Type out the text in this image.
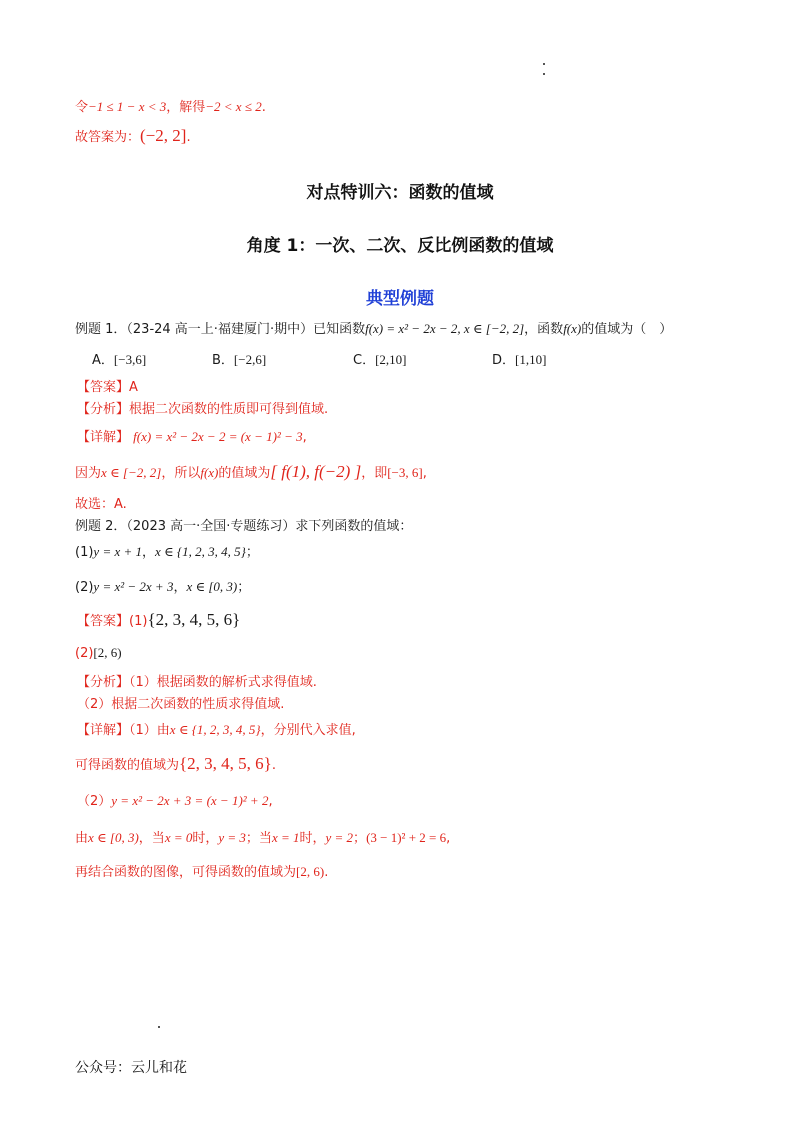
令−1 ≤ 1 − x < 3，解得−2 < x ≤ 2.
故答案为：(−2, 2].
对点特训六：函数的值域
角度 1：一次、二次、反比例函数的值域
典型例题
例题 1．（23-24 高一上·福建厦门·期中）已知函数f(x) = x² − 2x − 2, x ∈ [−2, 2]，函数f(x)的值域为（　）
A．[−3,6]	B．[−2,6]	C．[2,10]	D．[1,10]
【答案】A
【分析】根据二次函数的性质即可得到值域.
【详解】 f(x) = x² − 2x − 2 = (x − 1)² − 3,
因为x ∈ [−2, 2]，所以f(x)的值域为[ f(1), f(−2) ]，即[−3, 6],
故选：A.
例题 2．（2023 高一·全国·专题练习）求下列函数的值域：
(1)y = x + 1，x ∈ {1, 2, 3, 4, 5}；
(2)y = x² − 2x + 3，x ∈ [0, 3)；
【答案】(1){2, 3, 4, 5, 6}
(2)[2, 6)
【分析】（1）根据函数的解析式求得值域.
（2）根据二次函数的性质求得值域.
【详解】（1）由x ∈ {1, 2, 3, 4, 5}，分别代入求值,
可得函数的值域为{2, 3, 4, 5, 6}.
（2）y = x² − 2x + 3 = (x − 1)² + 2,
由x ∈ [0, 3)，当x = 0时，y = 3；当x = 1时，y = 2；(3 − 1)² + 2 = 6,
再结合函数的图像，可得函数的值域为[2, 6).
公众号：云儿和花
